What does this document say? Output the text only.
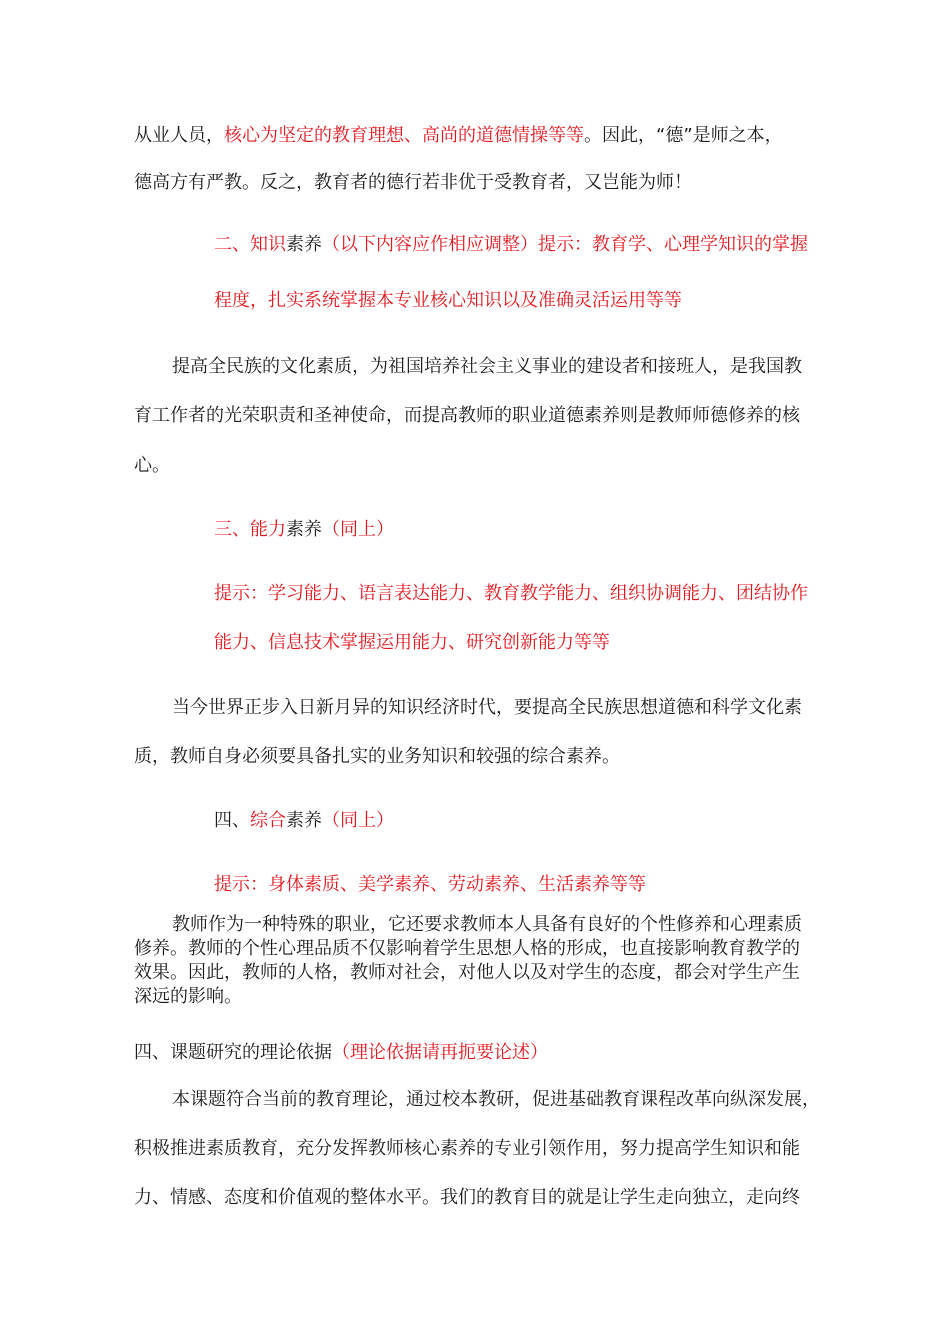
从业人员，核心为坚定的教育理想、高尚的道德情操等等。因此，“德”是师之本，
德高方有严教。反之，教育者的德行若非优于受教育者，又岂能为师！
二、知识素养（以下内容应作相应调整）提示：教育学、心理学知识的掌握
程度，扎实系统掌握本专业核心知识以及准确灵活运用等等
提高全民族的文化素质，为祖国培养社会主义事业的建设者和接班人，是我国教
育工作者的光荣职责和圣神使命，而提高教师的职业道德素养则是教师师德修养的核
心。
三、能力素养（同上）
提示：学习能力、语言表达能力、教育教学能力、组织协调能力、团结协作
能力、信息技术掌握运用能力、研究创新能力等等
当今世界正步入日新月异的知识经济时代，要提高全民族思想道德和科学文化素
质，教师自身必须要具备扎实的业务知识和较强的综合素养。
四、综合素养（同上）
提示：身体素质、美学素养、劳动素养、生活素养等等
教师作为一种特殊的职业，它还要求教师本人具备有良好的个性修养和心理素质
修养。教师的个性心理品质不仅影响着学生思想人格的形成，也直接影响教育教学的
效果。因此，教师的人格，教师对社会，对他人以及对学生的态度，都会对学生产生
深远的影响。
四、课题研究的理论依据（理论依据请再扼要论述）
本课题符合当前的教育理论，通过校本教研，促进基础教育课程改革向纵深发展，
积极推进素质教育，充分发挥教师核心素养的专业引领作用，努力提高学生知识和能
力、情感、态度和价值观的整体水平。我们的教育目的就是让学生走向独立，走向终
